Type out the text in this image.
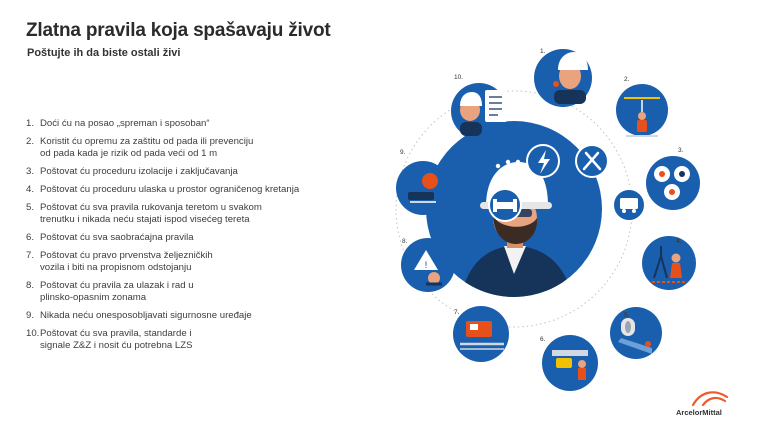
Zlatna pravila koja spašavaju život
Poštujte ih da biste ostali živi
1. Doći ću na posao „spreman i sposoban“
2. Koristit ću opremu za zaštitu od pada ili prevenciju
od pada kada je rizik od pada veći od 1 m
3. Poštovat ću proceduru izolacije i zaključavanja
4. Poštovat ću proceduru ulaska u prostor ograničenog kretanja
5. Poštovat ću sva pravila rukovanja teretom u svakom
trenutku i nikada neću stajati ispod visećeg tereta
6. Poštovat ću sva saobraćajna pravila
7. Poštovat ću pravo prvenstva željezničkih
vozila i biti na propisnom odstojanju
8. Poštovat ću pravila za ulazak i rad u
plinsko-opasnim zonama
9. Nikada neću onesposobljavati sigurnosne uređaje
10. Poštovat ću sva pravila, standarde i
signale Z&Z i nosit ću potrebna LZS
!
1.
2.
3.
4.
5.
6.
7.
8.
9.
10.
ArcelorMittal
